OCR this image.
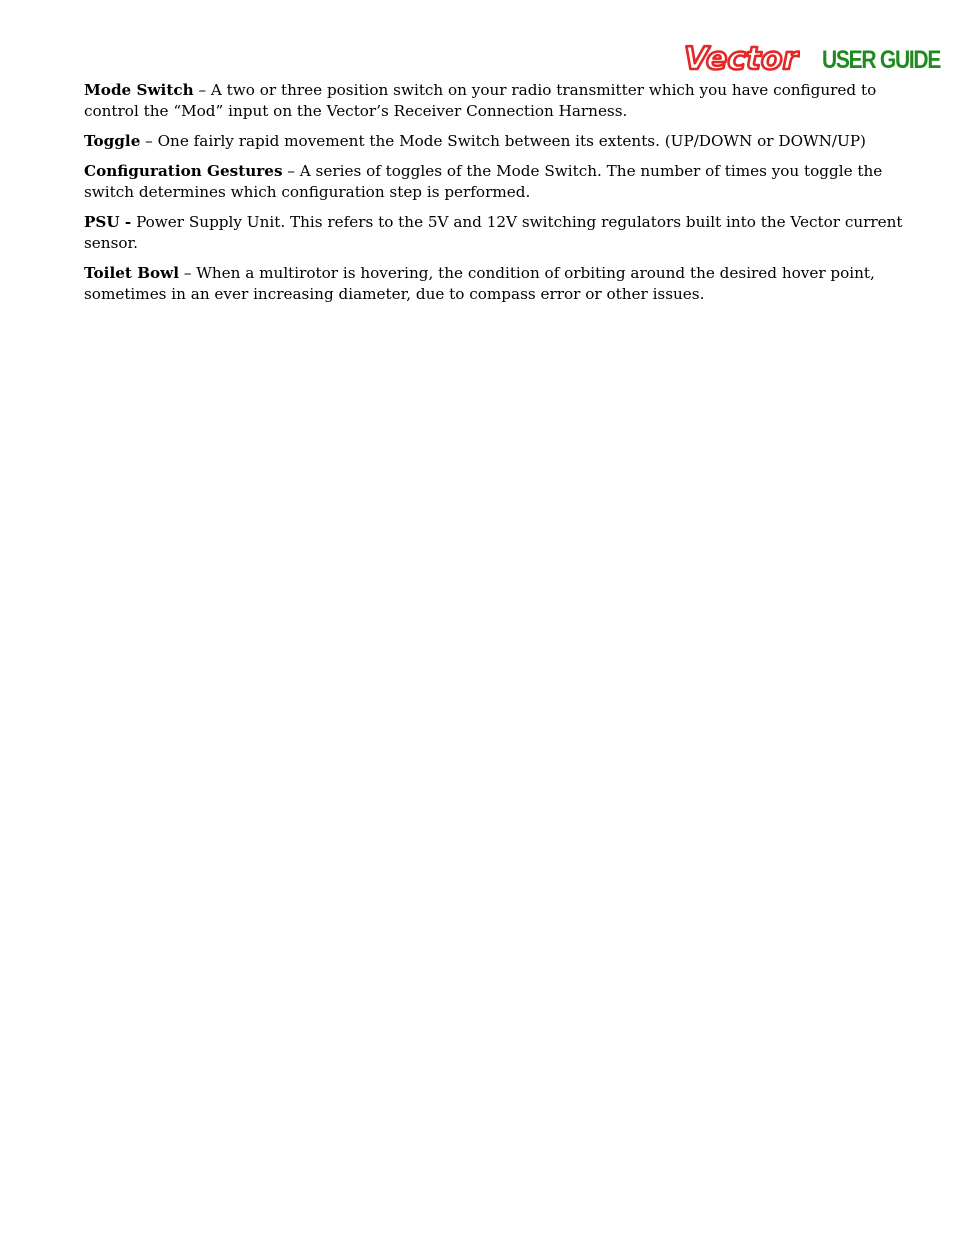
Vector USER GUIDE

Mode Switch – A two or three position switch on your radio transmitter which you have configured to control the “Mod” input on the Vector’s Receiver Connection Harness.

Toggle – One fairly rapid movement the Mode Switch between its extents. (UP/DOWN or DOWN/UP)

Configuration Gestures – A series of toggles of the Mode Switch. The number of times you toggle the switch determines which configuration step is performed.

PSU - Power Supply Unit. This refers to the 5V and 12V switching regulators built into the Vector current sensor.

Toilet Bowl – When a multirotor is hovering, the condition of orbiting around the desired hover point, sometimes in an ever increasing diameter, due to compass error or other issues.
